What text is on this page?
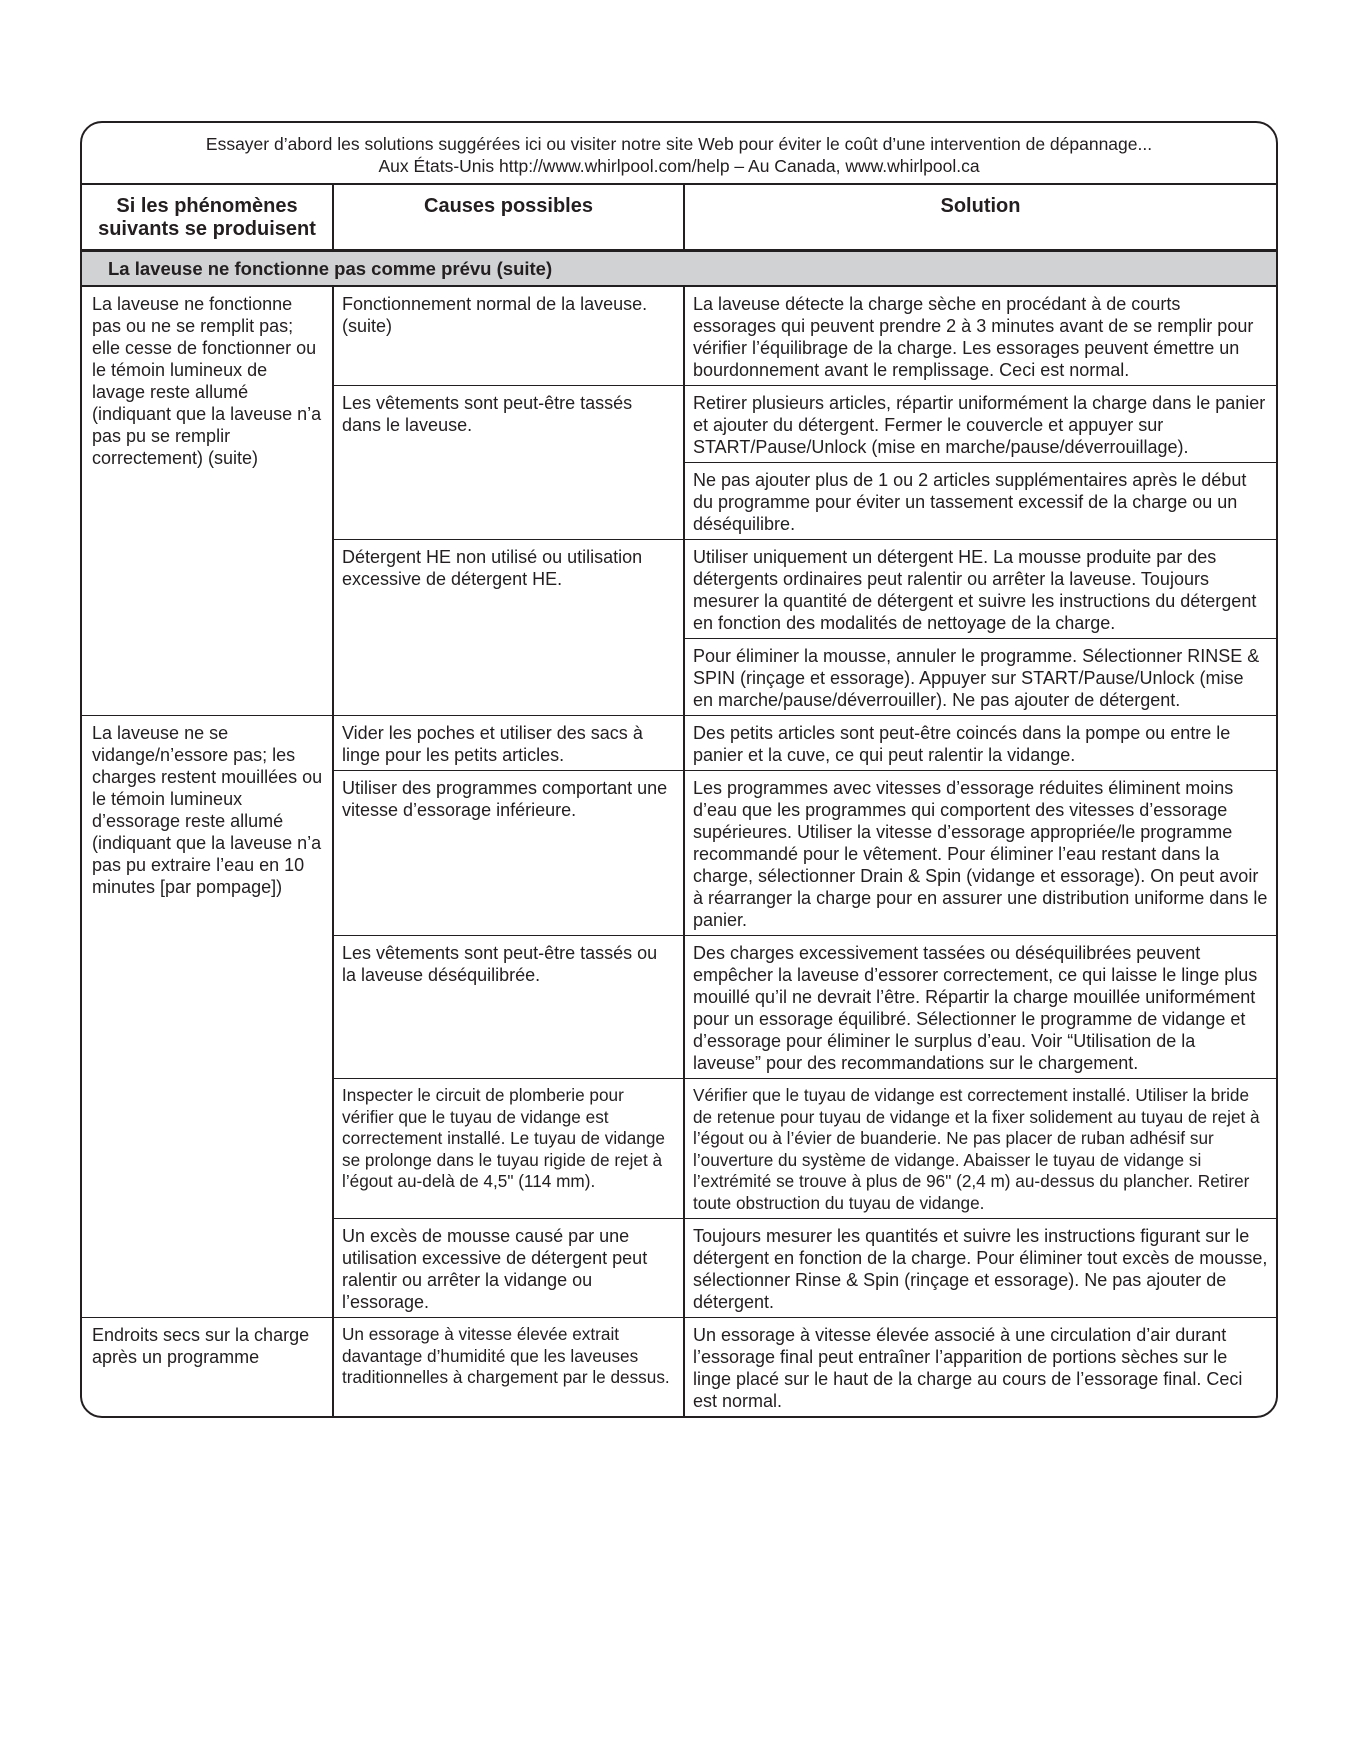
Essayer d’abord les solutions suggérées ici ou visiter notre site Web pour éviter le coût d’une intervention de dépannage...
Aux États-Unis http://www.whirlpool.com/help – Au Canada, www.whirlpool.ca
Si les phénomènes suivants se produisent	Causes possibles	Solution
La laveuse ne fonctionne pas comme prévu (suite)		
La laveuse ne fonctionne pas ou ne se remplit pas; elle cesse de fonctionner ou le témoin lumineux de lavage reste allumé (indiquant que la laveuse n’a pas pu se remplir correctement) (suite)	Fonctionnement normal de la laveuse. (suite)	La laveuse détecte la charge sèche en procédant à de courts essorages qui peuvent prendre 2 à 3 minutes avant de se remplir pour vérifier l’équilibrage de la charge. Les essorages peuvent émettre un bourdonnement avant le remplissage. Ceci est normal.
	Les vêtements sont peut-être tassés dans le laveuse.	Retirer plusieurs articles, répartir uniformément la charge dans le panier et ajouter du détergent. Fermer le couvercle et appuyer sur START/Pause/Unlock (mise en marche/pause/déverrouillage).
		Ne pas ajouter plus de 1 ou 2 articles supplémentaires après le début du programme pour éviter un tassement excessif de la charge ou un déséquilibre.
	Détergent HE non utilisé ou utilisation excessive de détergent HE.	Utiliser uniquement un détergent HE. La mousse produite par des détergents ordinaires peut ralentir ou arrêter la laveuse. Toujours mesurer la quantité de détergent et suivre les instructions du détergent en fonction des modalités de nettoyage de la charge.
		Pour éliminer la mousse, annuler le programme. Sélectionner RINSE & SPIN (rinçage et essorage). Appuyer sur START/Pause/Unlock (mise en marche/pause/déverrouiller). Ne pas ajouter de détergent.
La laveuse ne se vidange/n’essore pas; les charges restent mouillées ou le témoin lumineux d’essorage reste allumé (indiquant que la laveuse n’a pas pu extraire l’eau en 10 minutes [par pompage])	Vider les poches et utiliser des sacs à linge pour les petits articles.	Des petits articles sont peut-être coincés dans la pompe ou entre le panier et la cuve, ce qui peut ralentir la vidange.
	Utiliser des programmes comportant une vitesse d’essorage inférieure.	Les programmes avec vitesses d’essorage réduites éliminent moins d’eau que les programmes qui comportent des vitesses d’essorage supérieures. Utiliser la vitesse d’essorage appropriée/le programme recommandé pour le vêtement. Pour éliminer l’eau restant dans la charge, sélectionner Drain & Spin (vidange et essorage). On peut avoir à réarranger la charge pour en assurer une distribution uniforme dans le panier.
	Les vêtements sont peut-être tassés ou la laveuse déséquilibrée.	Des charges excessivement tassées ou déséquilibrées peuvent empêcher la laveuse d’essorer correctement, ce qui laisse le linge plus mouillé qu’il ne devrait l’être. Répartir la charge mouillée uniformément pour un essorage équilibré. Sélectionner le programme de vidange et d’essorage pour éliminer le surplus d’eau. Voir “Utilisation de la laveuse” pour des recommandations sur le chargement.
	Inspecter le circuit de plomberie pour vérifier que le tuyau de vidange est correctement installé. Le tuyau de vidange se prolonge dans le tuyau rigide de rejet à l’égout au-delà de 4,5" (114 mm).	Vérifier que le tuyau de vidange est correctement installé. Utiliser la bride de retenue pour tuyau de vidange et la fixer solidement au tuyau de rejet à l’égout ou à l’évier de buanderie. Ne pas placer de ruban adhésif sur l’ouverture du système de vidange. Abaisser le tuyau de vidange si l’extrémité se trouve à plus de 96" (2,4 m) au-dessus du plancher. Retirer toute obstruction du tuyau de vidange.
	Un excès de mousse causé par une utilisation excessive de détergent peut ralentir ou arrêter la vidange ou l’essorage.	Toujours mesurer les quantités et suivre les instructions figurant sur le détergent en fonction de la charge. Pour éliminer tout excès de mousse, sélectionner Rinse & Spin (rinçage et essorage). Ne pas ajouter de détergent.
Endroits secs sur la charge après un programme	Un essorage à vitesse élevée extrait davantage d’humidité que les laveuses traditionnelles à chargement par le dessus.	Un essorage à vitesse élevée associé à une circulation d’air durant l’essorage final peut entraîner l’apparition de portions sèches sur le linge placé sur le haut de la charge au cours de l’essorage final. Ceci est normal.
